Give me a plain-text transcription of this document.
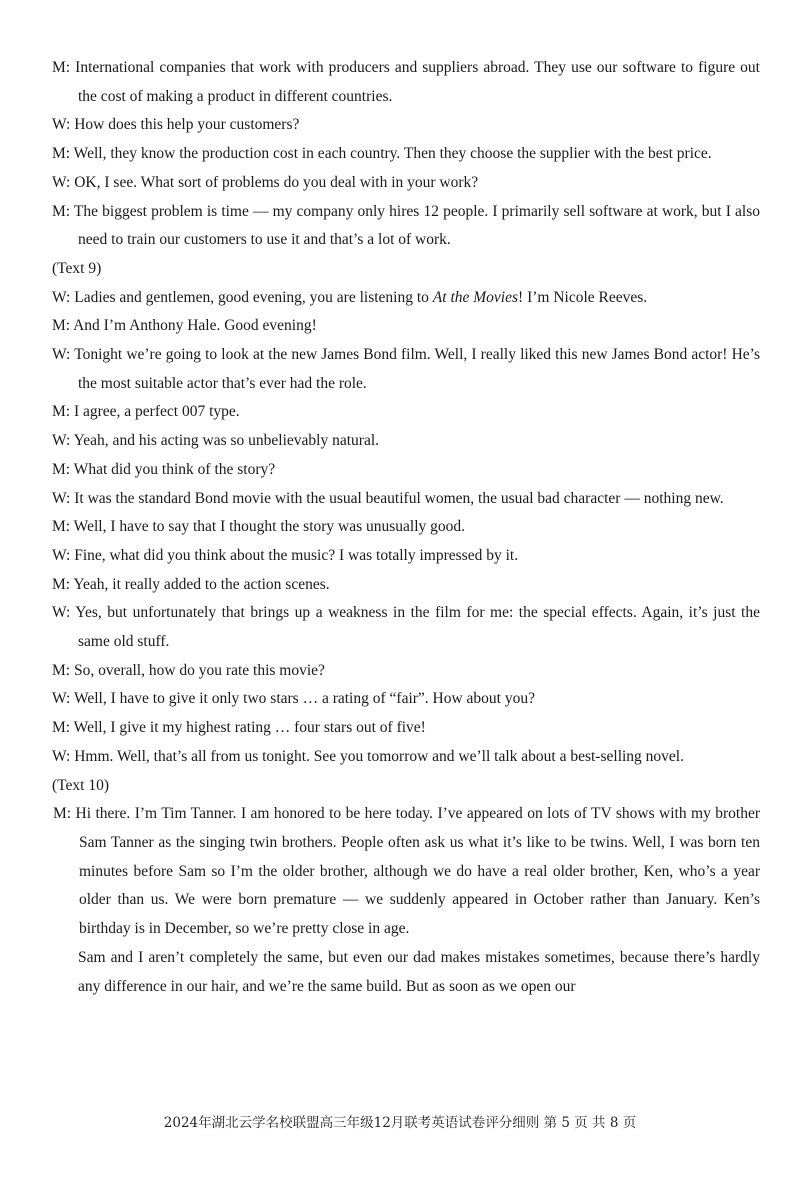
M: International companies that work with producers and suppliers abroad. They use our software to figure out the cost of making a product in different countries.
W: How does this help your customers?
M: Well, they know the production cost in each country. Then they choose the supplier with the best price.
W: OK, I see. What sort of problems do you deal with in your work?
M: The biggest problem is time — my company only hires 12 people. I primarily sell software at work, but I also need to train our customers to use it and that’s a lot of work.
(Text 9)
W: Ladies and gentlemen, good evening, you are listening to At the Movies! I’m Nicole Reeves.
M: And I’m Anthony Hale. Good evening!
W: Tonight we’re going to look at the new James Bond film. Well, I really liked this new James Bond actor! He’s the most suitable actor that’s ever had the role.
M: I agree, a perfect 007 type.
W: Yeah, and his acting was so unbelievably natural.
M: What did you think of the story?
W: It was the standard Bond movie with the usual beautiful women, the usual bad character — nothing new.
M: Well, I have to say that I thought the story was unusually good.
W: Fine, what did you think about the music? I was totally impressed by it.
M: Yeah, it really added to the action scenes.
W: Yes, but unfortunately that brings up a weakness in the film for me: the special effects. Again, it’s just the same old stuff.
M: So, overall, how do you rate this movie?
W: Well, I have to give it only two stars … a rating of “fair”. How about you?
M: Well, I give it my highest rating … four stars out of five!
W: Hmm. Well, that’s all from us tonight. See you tomorrow and we’ll talk about a best-selling novel.
(Text 10)
M: Hi there. I’m Tim Tanner. I am honored to be here today. I’ve appeared on lots of TV shows with my brother Sam Tanner as the singing twin brothers. People often ask us what it’s like to be twins. Well, I was born ten minutes before Sam so I’m the older brother, although we do have a real older brother, Ken, who’s a year older than us. We were born premature — we suddenly appeared in October rather than January. Ken’s birthday is in December, so we’re pretty close in age.
Sam and I aren’t completely the same, but even our dad makes mistakes sometimes, because there’s hardly any difference in our hair, and we’re the same build. But as soon as we open our
2024年湖北云学名校联盟高三年级12月联考英语试卷评分细则 第 5 页 共 8 页
